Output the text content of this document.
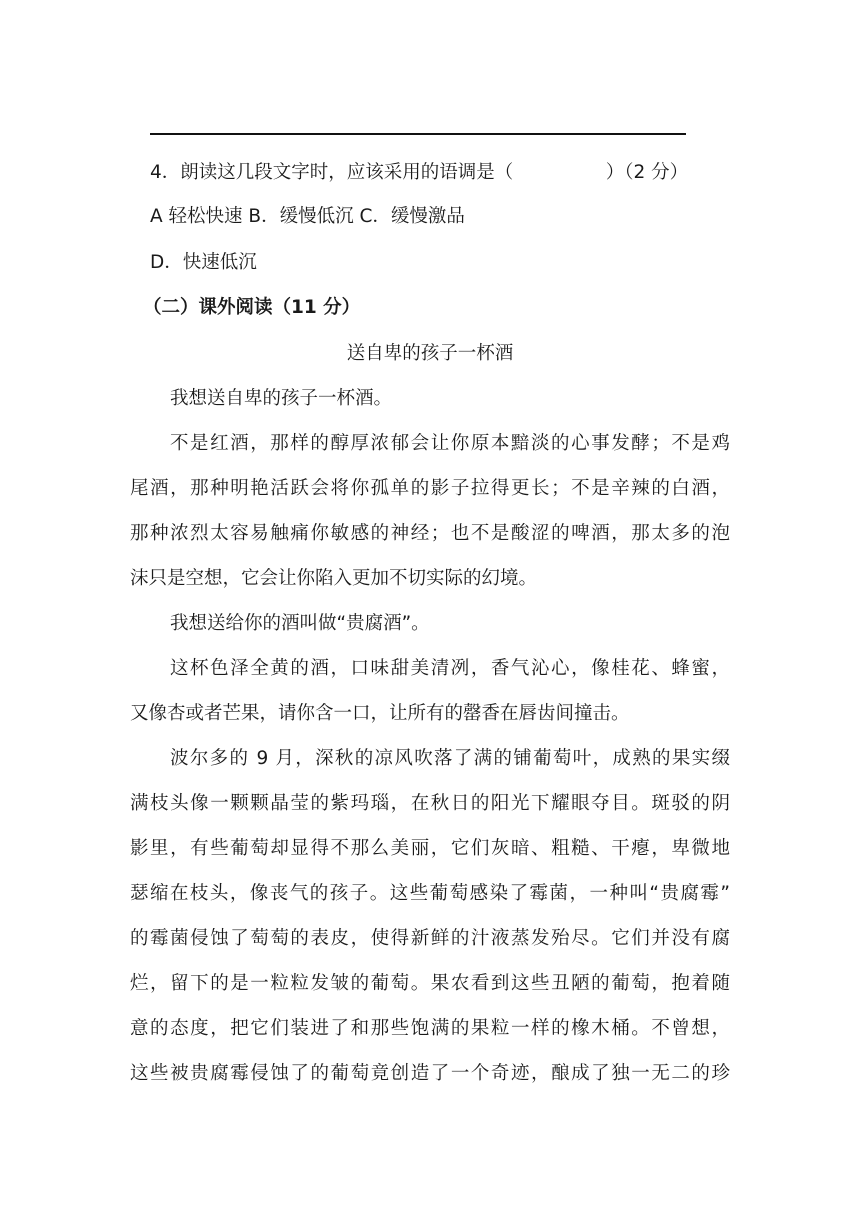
4．朗读这几段文字时，应该采用的语调是（　　　　　）（2 分）
A 轻松快速 B．缓慢低沉 C．缓慢激品
D．快速低沉
（二）课外阅读（11 分）
送自卑的孩子一杯酒
我想送自卑的孩子一杯酒。
不是红酒，那样的醇厚浓郁会让你原本黯淡的心事发酵；不是鸡
尾酒，那种明艳活跃会将你孤单的影子拉得更长；不是辛辣的白酒，
那种浓烈太容易触痛你敏感的神经；也不是酸涩的啤酒，那太多的泡
沫只是空想，它会让你陷入更加不切实际的幻境。
我想送给你的酒叫做“贵腐酒”。
这杯色泽全黄的酒，口味甜美清冽，香气沁心，像桂花、蜂蜜，
又像杏或者芒果，请你含一口，让所有的罄香在唇齿间撞击。
波尔多的 9 月，深秋的凉风吹落了满的铺葡萄叶，成熟的果实缀
满枝头像一颗颗晶莹的紫玛瑙，在秋日的阳光下耀眼夺目。斑驳的阴
影里，有些葡萄却显得不那么美丽，它们灰暗、粗糙、干瘪，卑微地
瑟缩在枝头，像丧气的孩子。这些葡萄感染了霉菌，一种叫“贵腐霉”
的霉菌侵蚀了萄萄的表皮，使得新鲜的汁液蒸发殆尽。它们并没有腐
烂，留下的是一粒粒发皱的葡萄。果农看到这些丑陋的葡萄，抱着随
意的态度，把它们装进了和那些饱满的果粒一样的橡木桶。不曾想，
这些被贵腐霉侵蚀了的葡萄竟创造了一个奇迹，酿成了独一无二的珍
